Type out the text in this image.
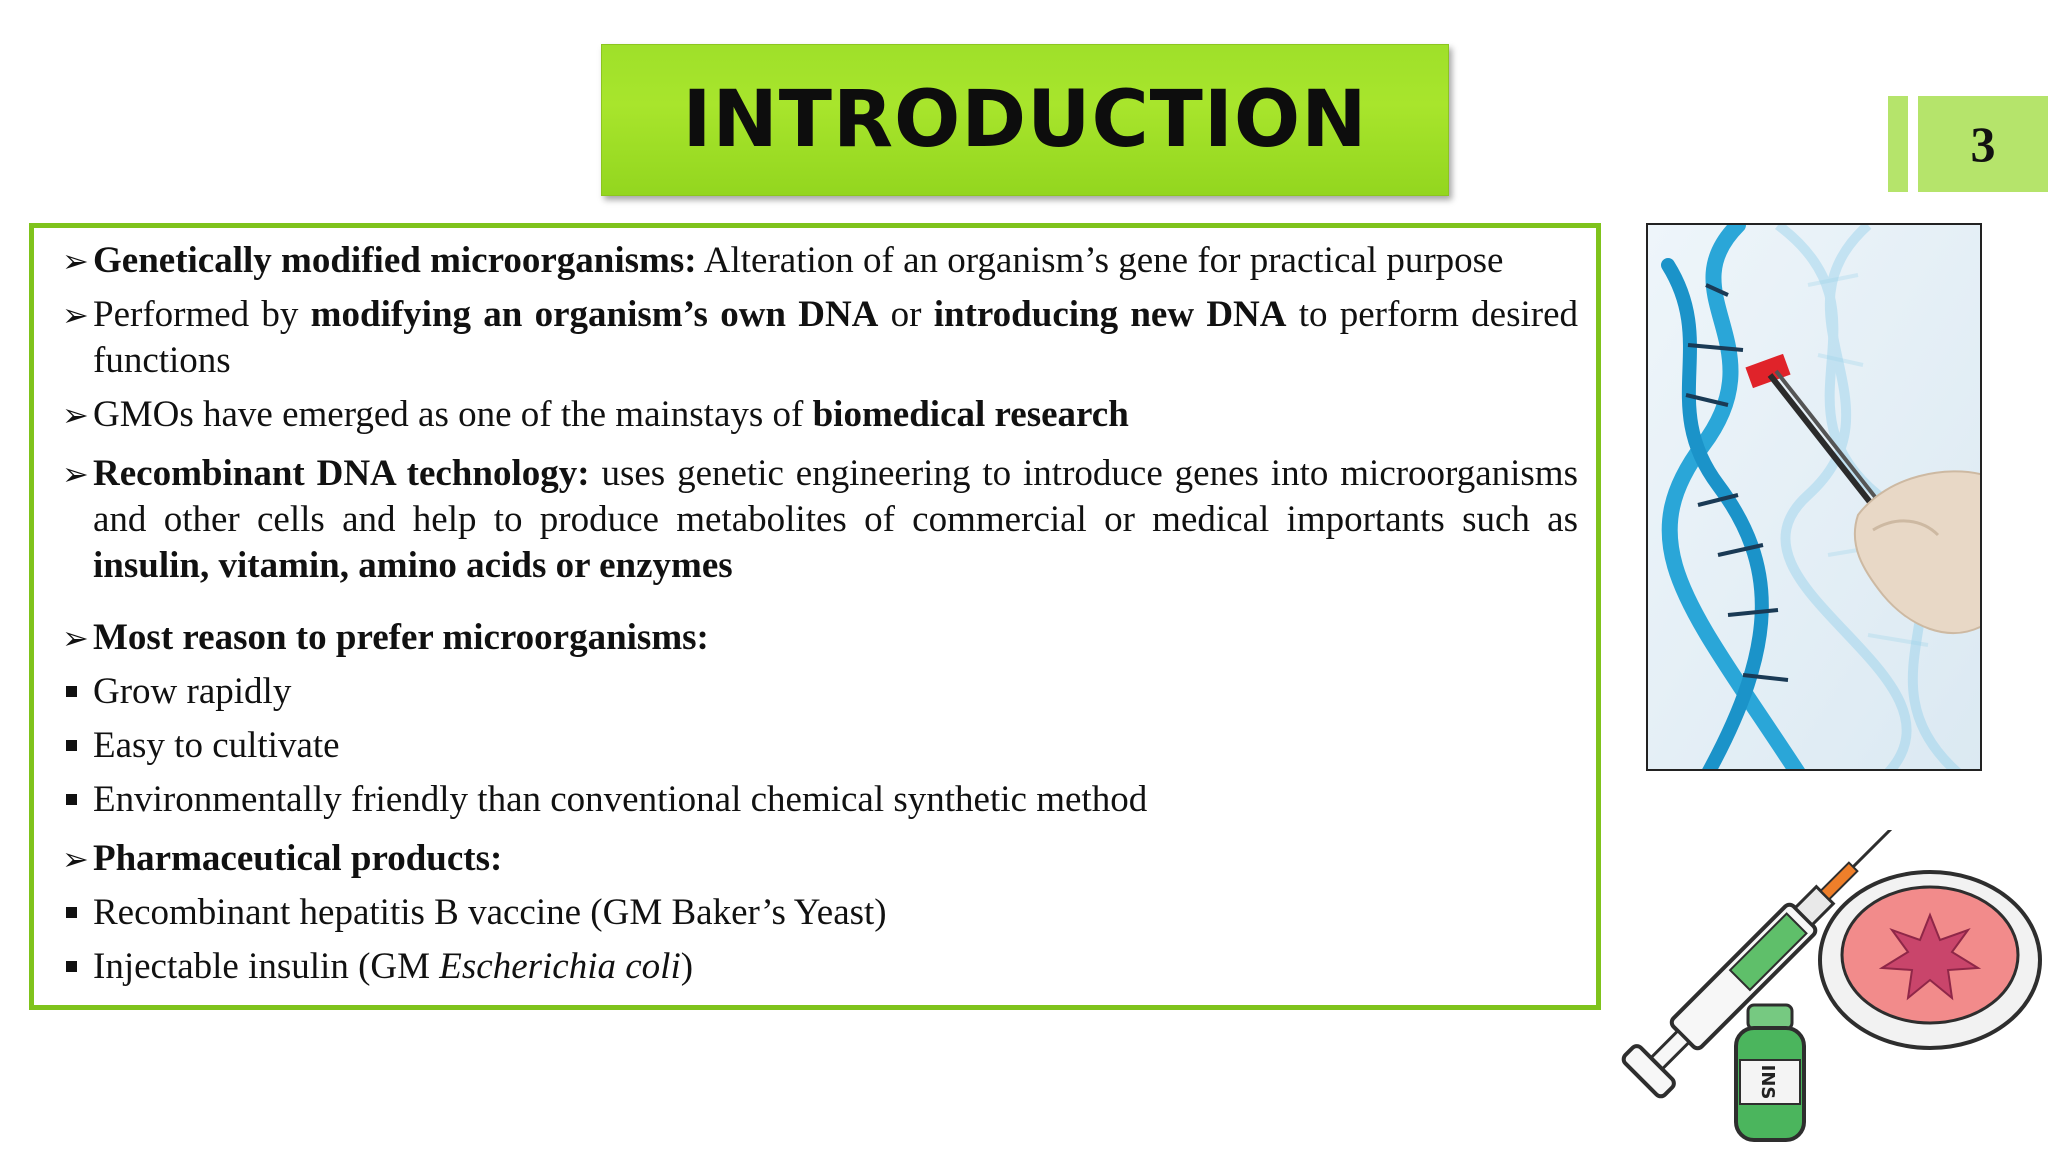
INTRODUCTION	3

➢ Genetically modified microorganisms: Alteration of an organism’s gene for practical purpose

➢ Performed by modifying an organism’s own DNA or introducing new DNA to perform desired functions

➢ GMOs have emerged as one of the mainstays of biomedical research

➢ Recombinant DNA technology: uses genetic engineering to introduce genes into microorganisms and other cells and help to produce metabolites of commercial or medical importants such as insulin, vitamin, amino acids or enzymes

➢ Most reason to prefer microorganisms:

Grow rapidly

Easy to cultivate

Environmentally friendly than conventional chemical synthetic method

➢ Pharmaceutical products:

Recombinant hepatitis B vaccine (GM Baker’s Yeast)

Injectable insulin (GM Escherichia coli)

INS
